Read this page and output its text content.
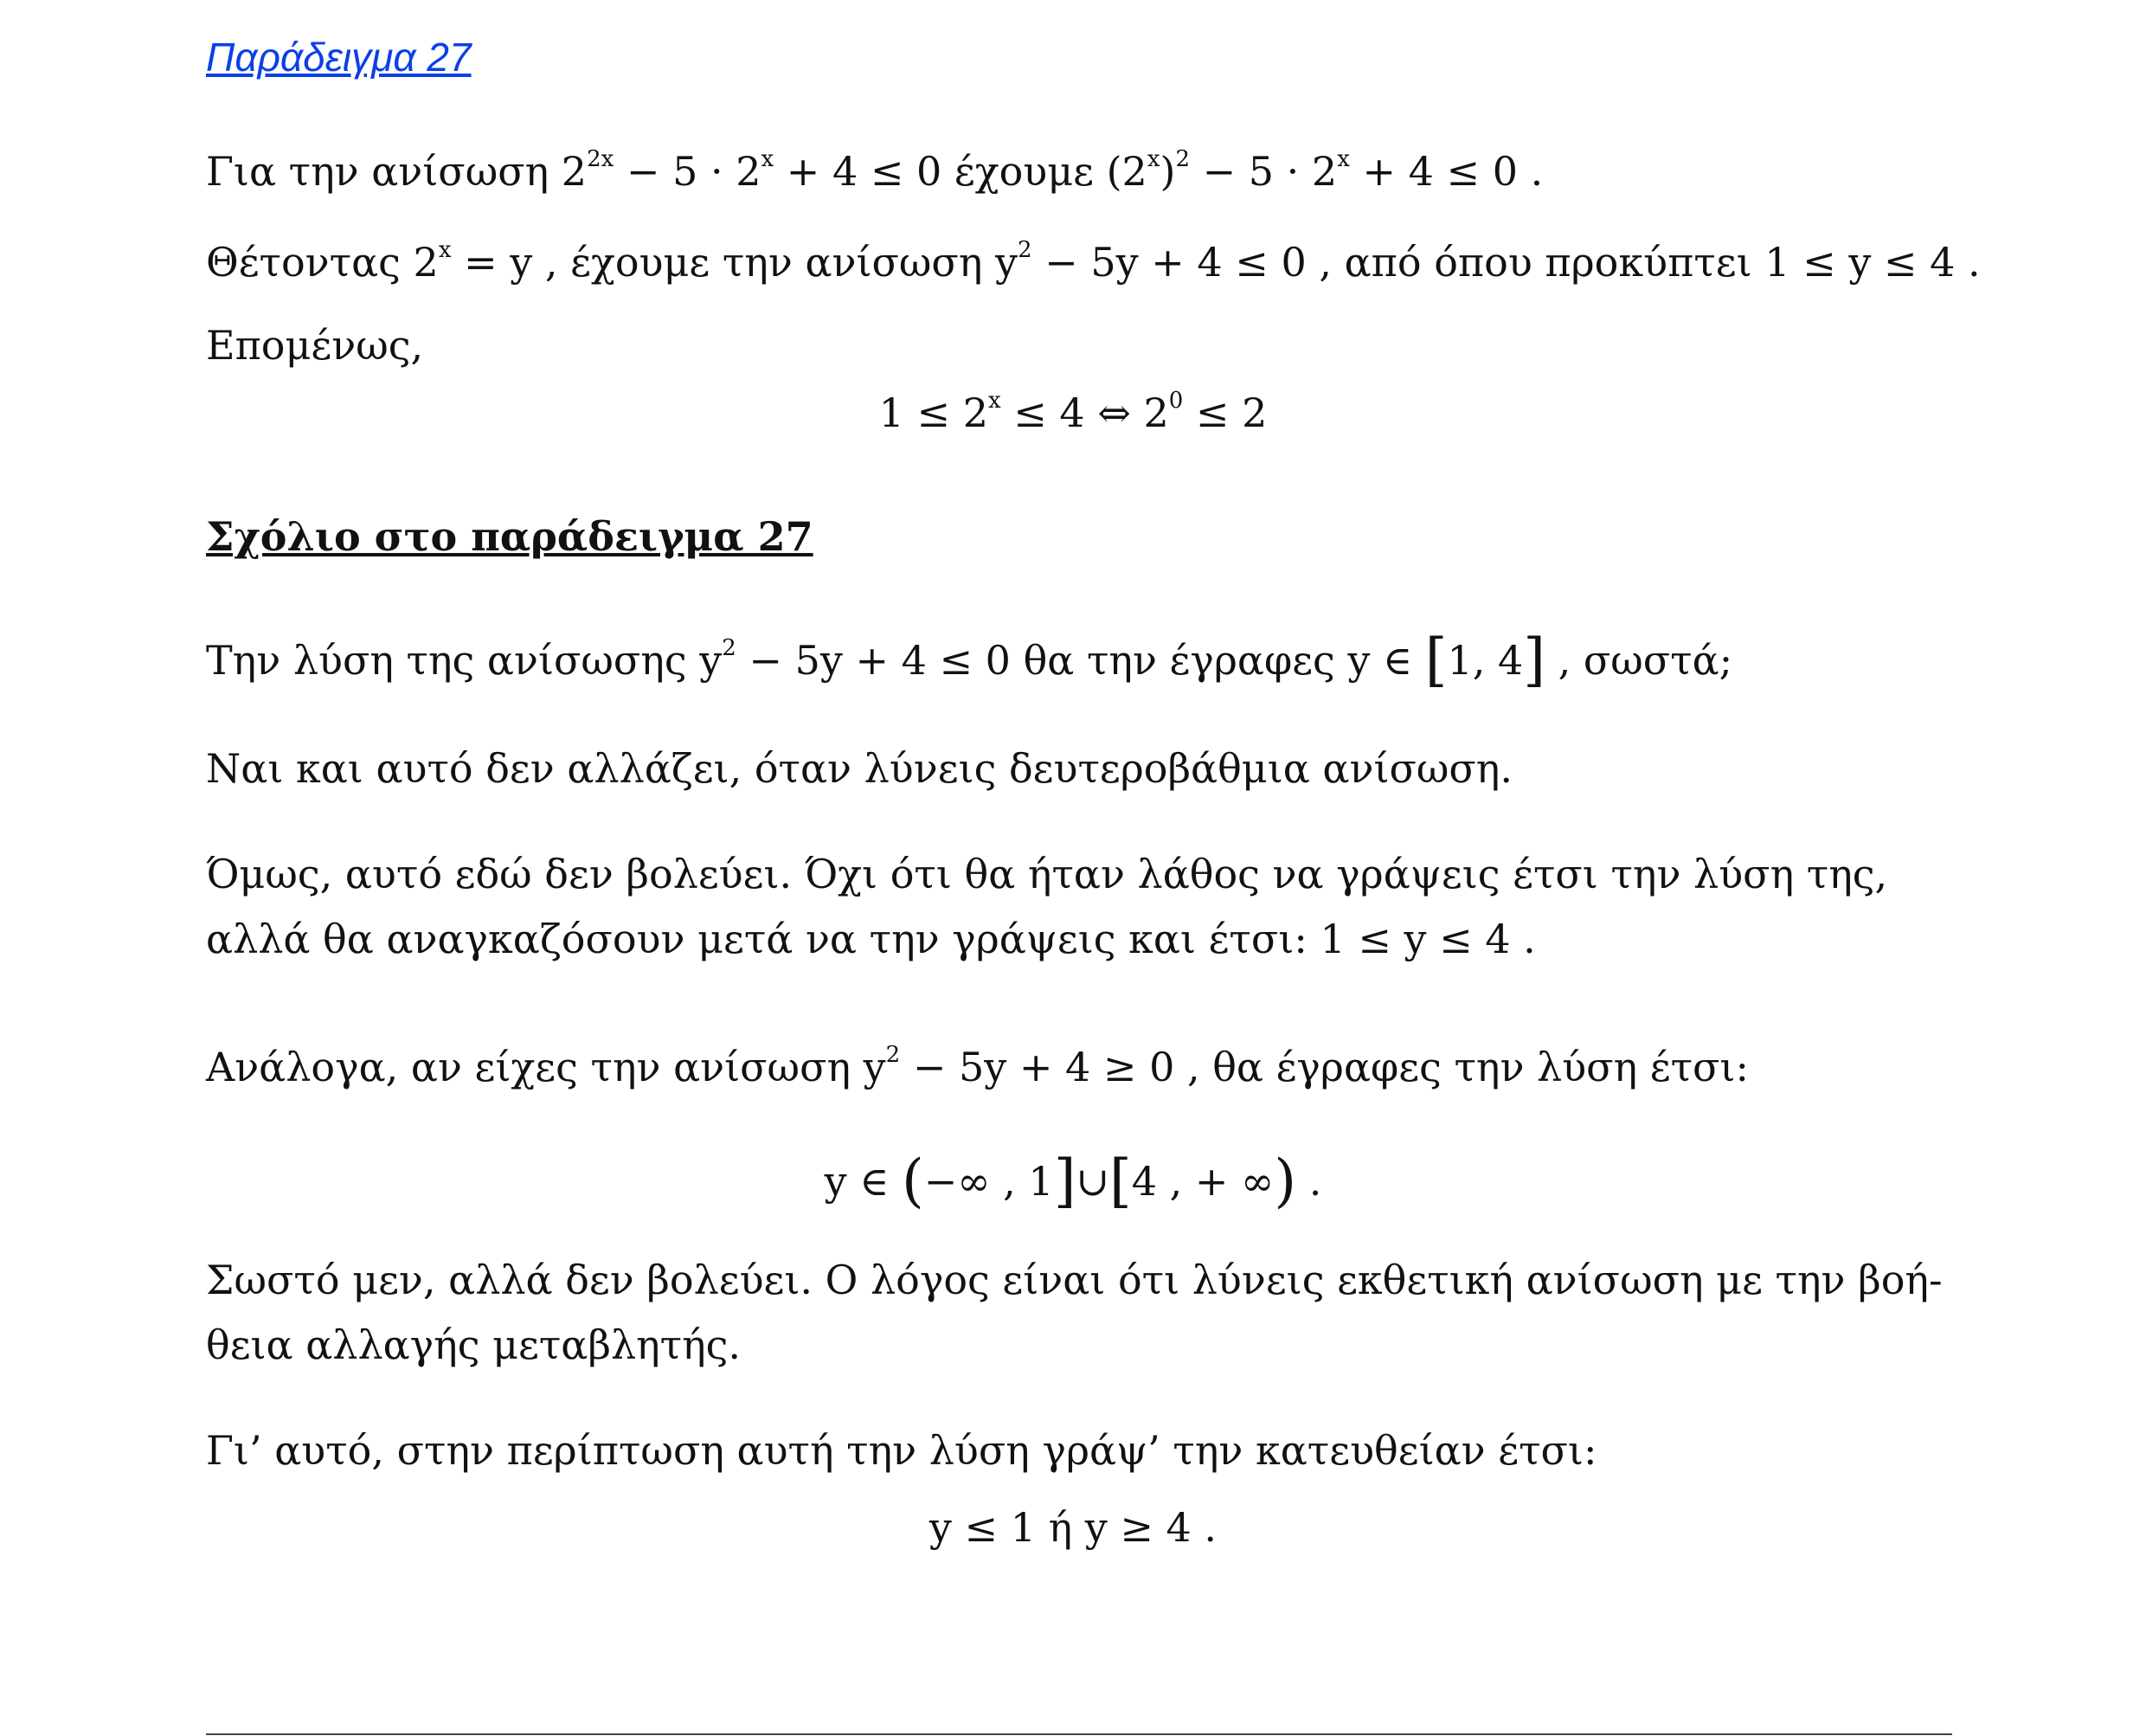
Παράδειγμα 27
Για την ανίσωση $2^{2x} - 5 \cdot 2^x + 4 \le 0$ έχουμε $(2^x)^2 - 5 \cdot 2^x + 4 \le 0$ .
Θέτοντας $2^x = y$ , έχουμε την ανίσωση $y^2 - 5y + 4 \le 0$ , από όπου προκύπτει 1 ≤ y ≤ 4 .
Επομένως,
$1 \le 2^x \le 4$ ⇔ $2^0 \le 2$
Σχόλιο στο παράδειγμα 27
Την λύση της ανίσωσης $y^2 - 5y + 4 \le 0$ θα την έγραφες y ∈ [1, 4] , σωστά;
Ναι και αυτό δεν αλλάζει, όταν λύνεις δευτεροβάθμια ανίσωση.
Όμως, αυτό εδώ δεν βολεύει. Όχι ότι θα ήταν λάθος να γράψεις έτσι την λύση της,
αλλά θα αναγκαζόσουν μετά να την γράψεις και έτσι: 1 ≤ y ≤ 4 .
Ανάλογα, αν είχες την ανίσωση $y^2 - 5y + 4 \ge 0$ , θα έγραφες την λύση έτσι:
y ∈ (−∞ , 1]∪[4 , + ∞) .
Σωστό μεν, αλλά δεν βολεύει. Ο λόγος είναι ότι λύνεις εκθετική ανίσωση με την βοή-
θεια αλλαγής μεταβλητής.
Γι’ αυτό, στην περίπτωση αυτή την λύση γράψ’ την κατευθείαν έτσι:
y ≤ 1 ή y ≥ 4 .
